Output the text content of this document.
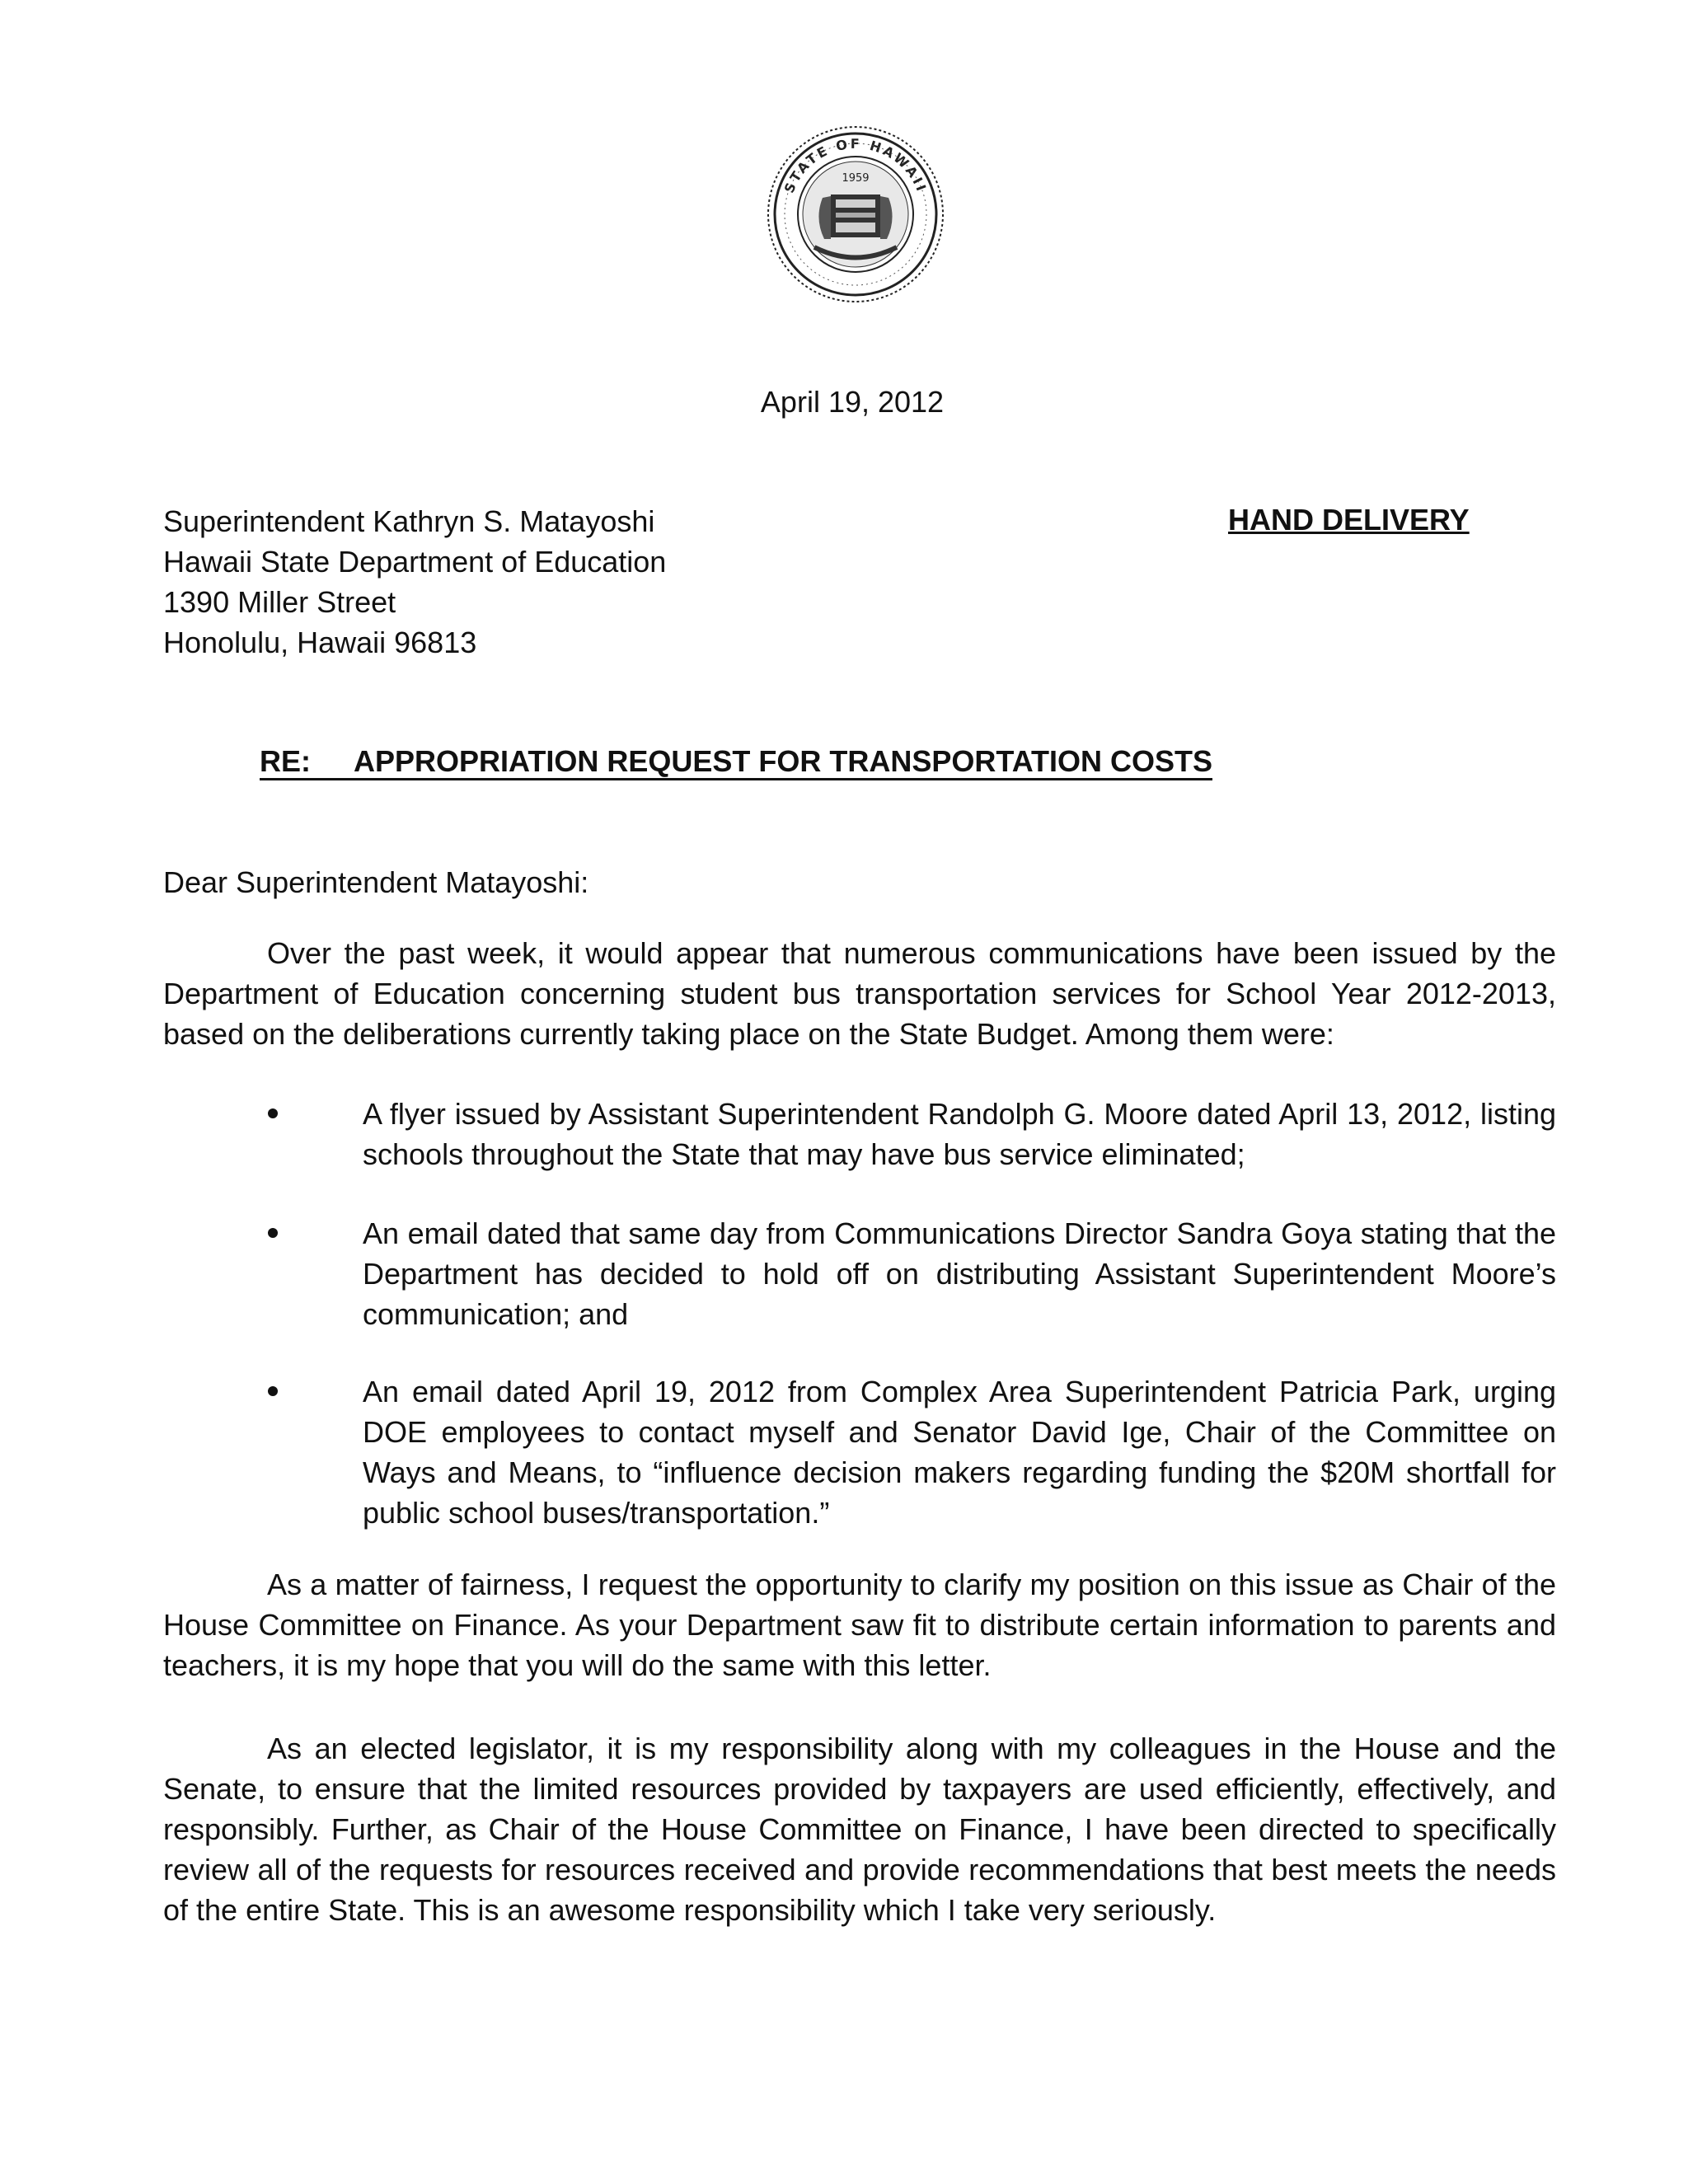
STATE OF HAWAII
1959
April 19, 2012
Superintendent Kathryn S. Matayoshi
Hawaii State Department of Education
1390 Miller Street
Honolulu, Hawaii 96813
HAND DELIVERY
RE: APPROPRIATION REQUEST FOR TRANSPORTATION COSTS
Dear Superintendent Matayoshi:

Over the past week, it would appear that numerous communications have been issued by the Department of Education concerning student bus transportation services for School Year 2012-2013, based on the deliberations currently taking place on the State Budget. Among them were:

A flyer issued by Assistant Superintendent Randolph G. Moore dated April 13, 2012, listing schools throughout the State that may have bus service eliminated;

An email dated that same day from Communications Director Sandra Goya stating that the Department has decided to hold off on distributing Assistant Superintendent Moore’s communication; and

An email dated April 19, 2012 from Complex Area Superintendent Patricia Park, urging DOE employees to contact myself and Senator David Ige, Chair of the Committee on Ways and Means, to “influence decision makers regarding funding the $20M shortfall for public school buses/transportation.”

As a matter of fairness, I request the opportunity to clarify my position on this issue as Chair of the House Committee on Finance. As your Department saw fit to distribute certain information to parents and teachers, it is my hope that you will do the same with this letter.

As an elected legislator, it is my responsibility along with my colleagues in the House and the Senate, to ensure that the limited resources provided by taxpayers are used efficiently, effectively, and responsibly. Further, as Chair of the House Committee on Finance, I have been directed to specifically review all of the requests for resources received and provide recommendations that best meets the needs of the entire State. This is an awesome responsibility which I take very seriously.
